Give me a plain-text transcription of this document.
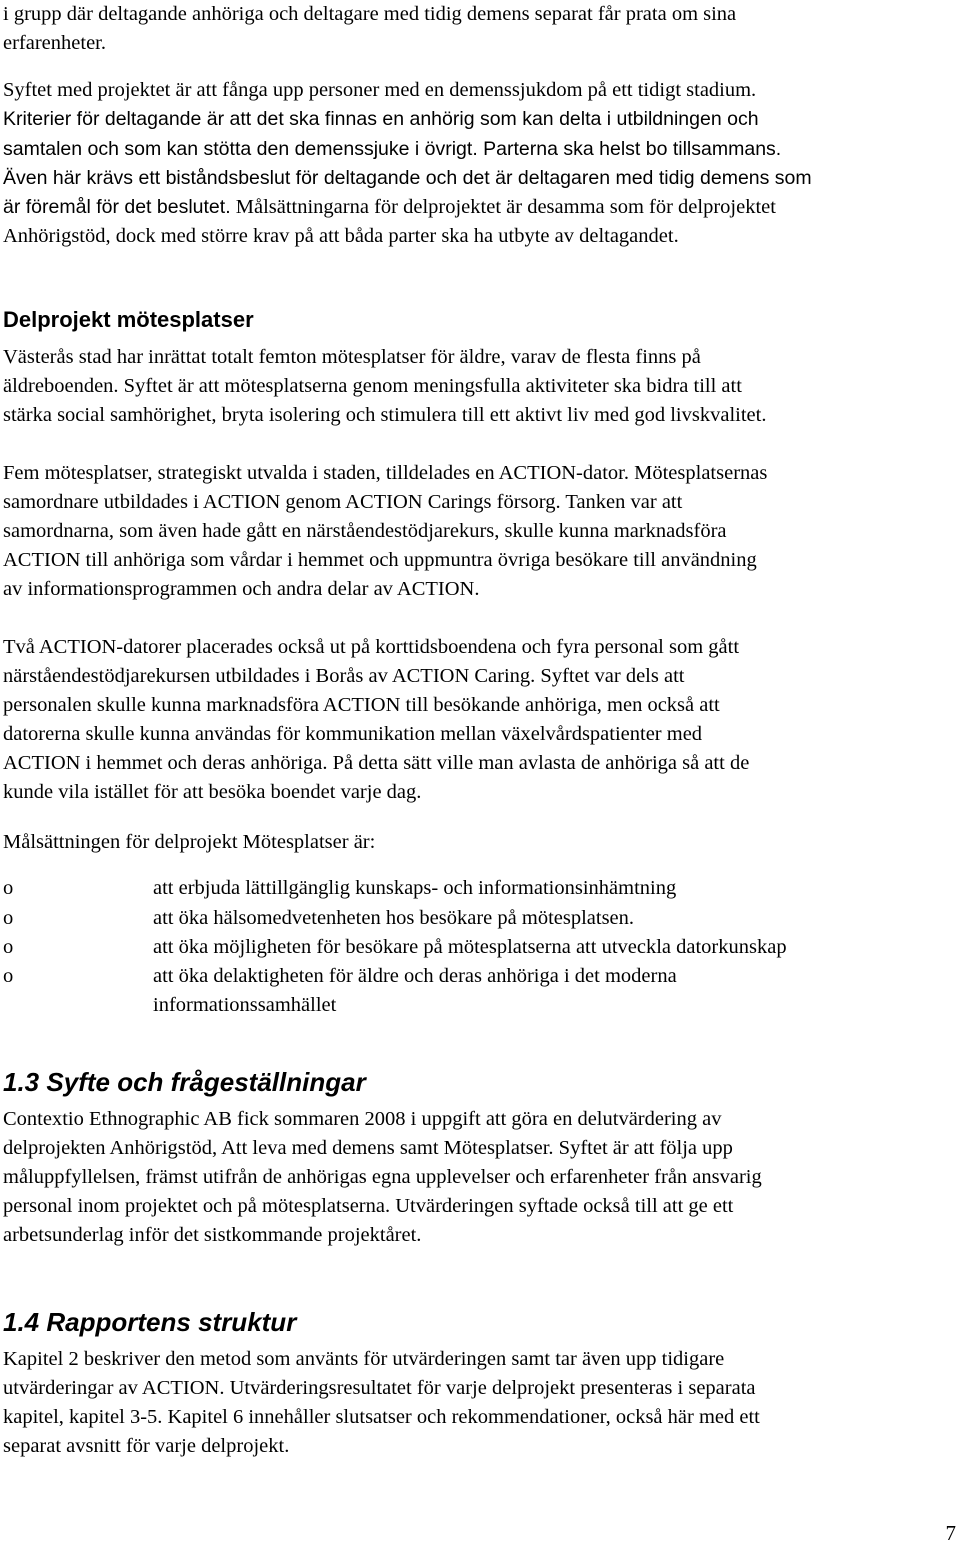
i grupp där deltagande anhöriga och deltagare med tidig demens separat får prata om sina
erfarenheter.
Syftet med projektet är att fånga upp personer med en demenssjukdom på ett tidigt stadium.
Kriterier för deltagande är att det ska finnas en anhörig som kan delta i utbildningen och
samtalen och som kan stötta den demenssjuke i övrigt. Parterna ska helst bo tillsammans.
Även här krävs ett biståndsbeslut för deltagande och det är deltagaren med tidig demens som
är föremål för det beslutet. Målsättningarna för delprojektet är desamma som för delprojektet
Anhörigstöd, dock med större krav på att båda parter ska ha utbyte av deltagandet.
Delprojekt mötesplatser
Västerås stad har inrättat totalt femton mötesplatser för äldre, varav de flesta finns på
äldreboenden. Syftet är att mötesplatserna genom meningsfulla aktiviteter ska bidra till att
stärka social samhörighet, bryta isolering och stimulera till ett aktivt liv med god livskvalitet.
Fem mötesplatser, strategiskt utvalda i staden, tilldelades en ACTION-dator. Mötesplatsernas
samordnare utbildades i ACTION genom ACTION Carings försorg. Tanken var att
samordnarna, som även hade gått en närståendestödjarekurs, skulle kunna marknadsföra
ACTION till anhöriga som vårdar i hemmet och uppmuntra övriga besökare till användning
av informationsprogrammen och andra delar av ACTION.
Två ACTION-datorer placerades också ut på korttidsboendena och fyra personal som gått
närståendestödjarekursen utbildades i Borås av ACTION Caring. Syftet var dels att
personalen skulle kunna marknadsföra ACTION till besökande anhöriga, men också att
datorerna skulle kunna användas för kommunikation mellan växelvårdspatienter med
ACTION i hemmet och deras anhöriga. På detta sätt ville man avlasta de anhöriga så att de
kunde vila istället för att besöka boendet varje dag.
Målsättningen för delprojekt Mötesplatser är:
o	att erbjuda lättillgänglig kunskaps- och informationsinhämtning
o	att öka hälsomedvetenheten hos besökare på mötesplatsen.
o	att öka möjligheten för besökare på mötesplatserna att utveckla datorkunskap
o	att öka delaktigheten för äldre och deras anhöriga i det moderna
informationssamhället
1.3 Syfte och frågeställningar
Contextio Ethnographic AB fick sommaren 2008 i uppgift att göra en delutvärdering av
delprojekten Anhörigstöd, Att leva med demens samt Mötesplatser. Syftet är att följa upp
måluppfyllelsen, främst utifrån de anhörigas egna upplevelser och erfarenheter från ansvarig
personal inom projektet och på mötesplatserna. Utvärderingen syftade också till att ge ett
arbetsunderlag inför det sistkommande projektåret.
1.4 Rapportens struktur
Kapitel 2 beskriver den metod som använts för utvärderingen samt tar även upp tidigare
utvärderingar av ACTION. Utvärderingsresultatet för varje delprojekt presenteras i separata
kapitel, kapitel 3-5. Kapitel 6 innehåller slutsatser och rekommendationer, också här med ett
separat avsnitt för varje delprojekt.
7
